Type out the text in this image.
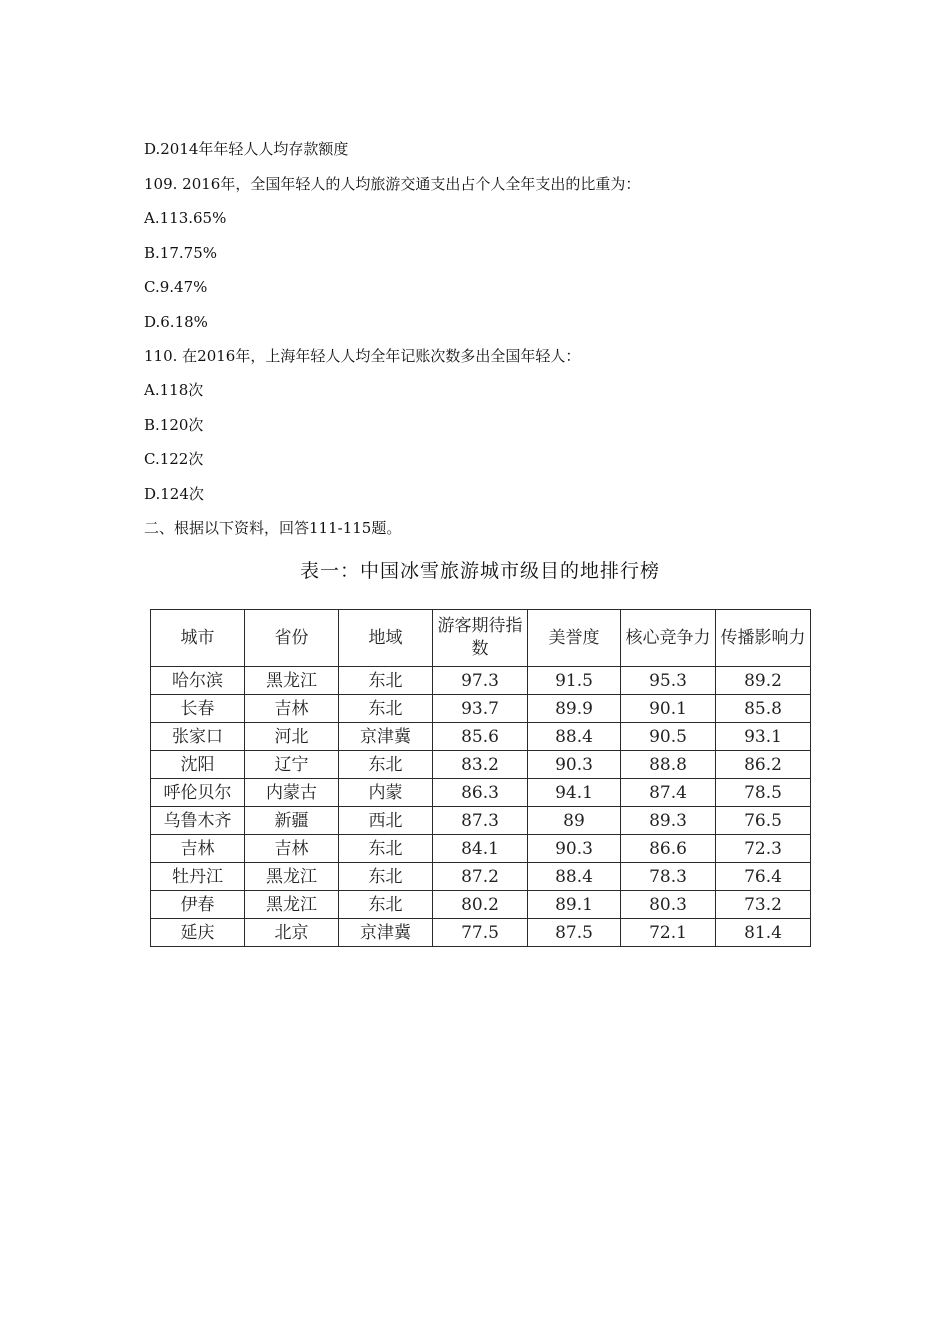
D.2014年年轻人人均存款额度
109. 2016年，全国年轻人的人均旅游交通支出占个人全年支出的比重为：
A.113.65%
B.17.75%
C.9.47%
D.6.18%
110. 在2016年，上海年轻人人均全年记账次数多出全国年轻人：
A.118次
B.120次
C.122次
D.124次
二、根据以下资料，回答111-115题。
表一：中国冰雪旅游城市级目的地排行榜
城市	省份	地域	游客期待指数	美誉度	核心竞争力	传播影响力
哈尔滨	黑龙江	东北	97.3	91.5	95.3	89.2
长春	吉林	东北	93.7	89.9	90.1	85.8
张家口	河北	京津冀	85.6	88.4	90.5	93.1
沈阳	辽宁	东北	83.2	90.3	88.8	86.2
呼伦贝尔	内蒙古	内蒙	86.3	94.1	87.4	78.5
乌鲁木齐	新疆	西北	87.3	89	89.3	76.5
吉林	吉林	东北	84.1	90.3	86.6	72.3
牡丹江	黑龙江	东北	87.2	88.4	78.3	76.4
伊春	黑龙江	东北	80.2	89.1	80.3	73.2
延庆	北京	京津冀	77.5	87.5	72.1	81.4
